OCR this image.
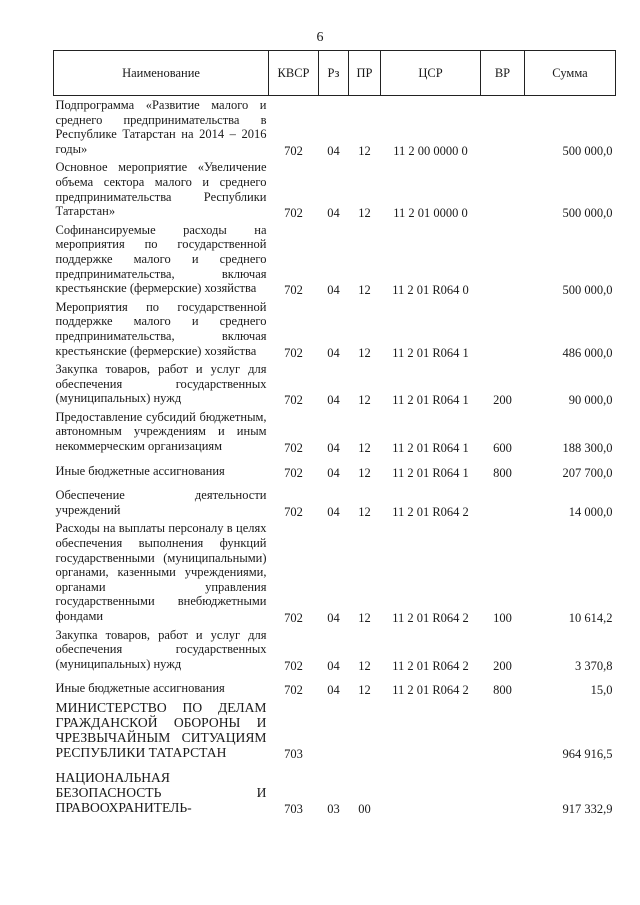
6
Наименование	КВСР	Рз	ПР	ЦСР	ВР	Сумма
Подпрограмма «Развитие малого и среднего предпринимательства в Республике Татарстан на 2014 – 2016 годы»	702	04	12	11 2 00 0000 0		500 000,0
Основное мероприятие «Увеличение объема сектора малого и среднего предпринимательства Республики Татарстан»	702	04	12	11 2 01 0000 0		500 000,0
Софинансируемые расходы на мероприятия по государственной поддержке малого и среднего предпринимательства, включая крестьянские (фермерские) хозяйства	702	04	12	11 2 01 R064 0		500 000,0
Мероприятия по государственной поддержке малого и среднего предпринимательства, включая крестьянские (фермерские) хозяйства	702	04	12	11 2 01 R064 1		486 000,0
Закупка товаров, работ и услуг для обеспечения государственных (муниципальных) нужд	702	04	12	11 2 01 R064 1	200	90 000,0
Предоставление субсидий бюджетным, автономным учреждениям и иным некоммерческим организациям	702	04	12	11 2 01 R064 1	600	188 300,0
Иные бюджетные ассигнования	702	04	12	11 2 01 R064 1	800	207 700,0
Обеспечение деятельности учреждений	702	04	12	11 2 01 R064 2		14 000,0
Расходы на выплаты персоналу в целях обеспечения выполнения функций государственными (муниципальными) органами, казенными учреждениями, органами управления государственными внебюджетными фондами	702	04	12	11 2 01 R064 2	100	10 614,2
Закупка товаров, работ и услуг для обеспечения государственных (муниципальных) нужд	702	04	12	11 2 01 R064 2	200	3 370,8
Иные бюджетные ассигнования	702	04	12	11 2 01 R064 2	800	15,0
МИНИСТЕРСТВО ПО ДЕЛАМ ГРАЖДАНСКОЙ ОБОРОНЫ И ЧРЕЗВЫЧАЙНЫМ СИТУАЦИЯМ РЕСПУБЛИКИ ТАТАРСТАН	703					964 916,5
НАЦИОНАЛЬНАЯ БЕЗОПАСНОСТЬ И ПРАВООХРАНИТЕЛЬ-	703	03	00			917 332,9
